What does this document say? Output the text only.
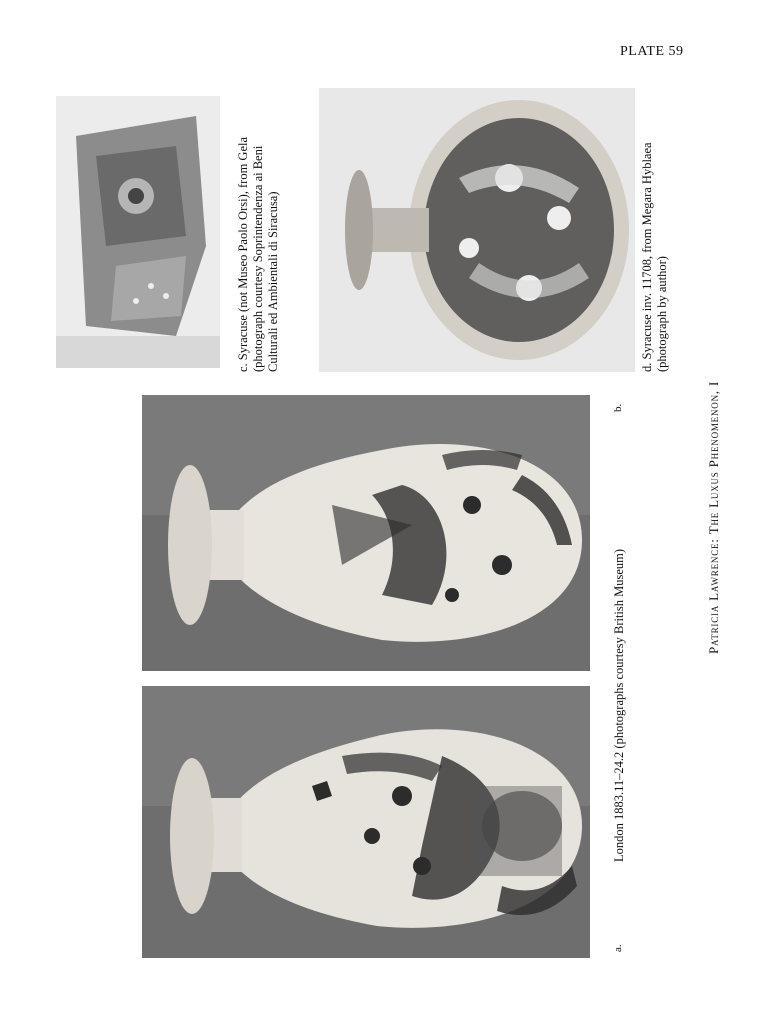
PLATE 59
London 1883.11–24.2 (photographs courtesy British Museum)
a.
b.
c. Syracuse (not Museo Paolo Orsi), from Gela (photograph courtesy Soprintendenza ai Beni Culturali ed Ambientali di Siracusa)	d. Syracuse inv. 11708, from Megara Hyblaea (photograph by author)
Patricia Lawrence: The Luxus Phenomenon, I
